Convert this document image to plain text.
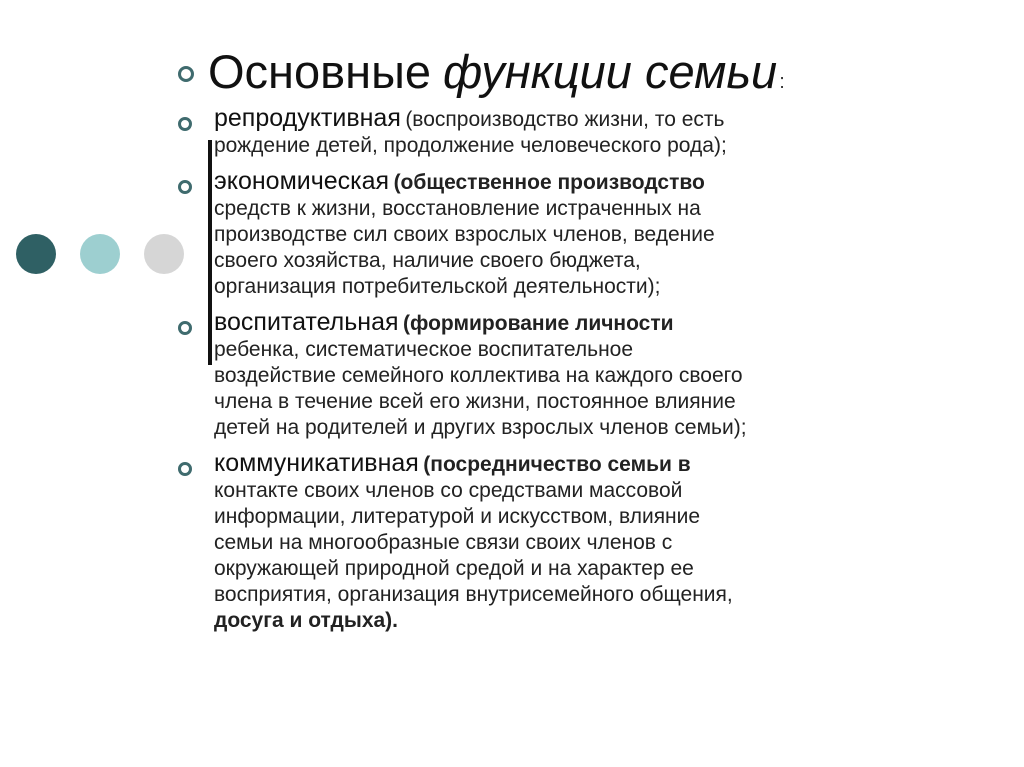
Основные функции семьи :
репродуктивная (воспроизводство жизни, то есть
рождение детей, продолжение человеческого рода);
экономическая (общественное производство
средств к жизни, восстановление истраченных на
производстве сил своих взрослых членов, ведение
своего хозяйства, наличие своего бюджета,
организация потребительской деятельности);
воспитательная (формирование личности
ребенка, систематическое воспитательное
воздействие семейного коллектива на каждого своего
члена в течение всей его жизни, постоянное влияние
детей на родителей и других взрослых членов семьи);
коммуникативная (посредничество семьи в
контакте своих членов со средствами массовой
информации, литературой и искусством, влияние
семьи на многообразные связи своих членов с
окружающей природной средой и на характер ее
восприятия, организация внутрисемейного общения,
досуга и отдыха).
